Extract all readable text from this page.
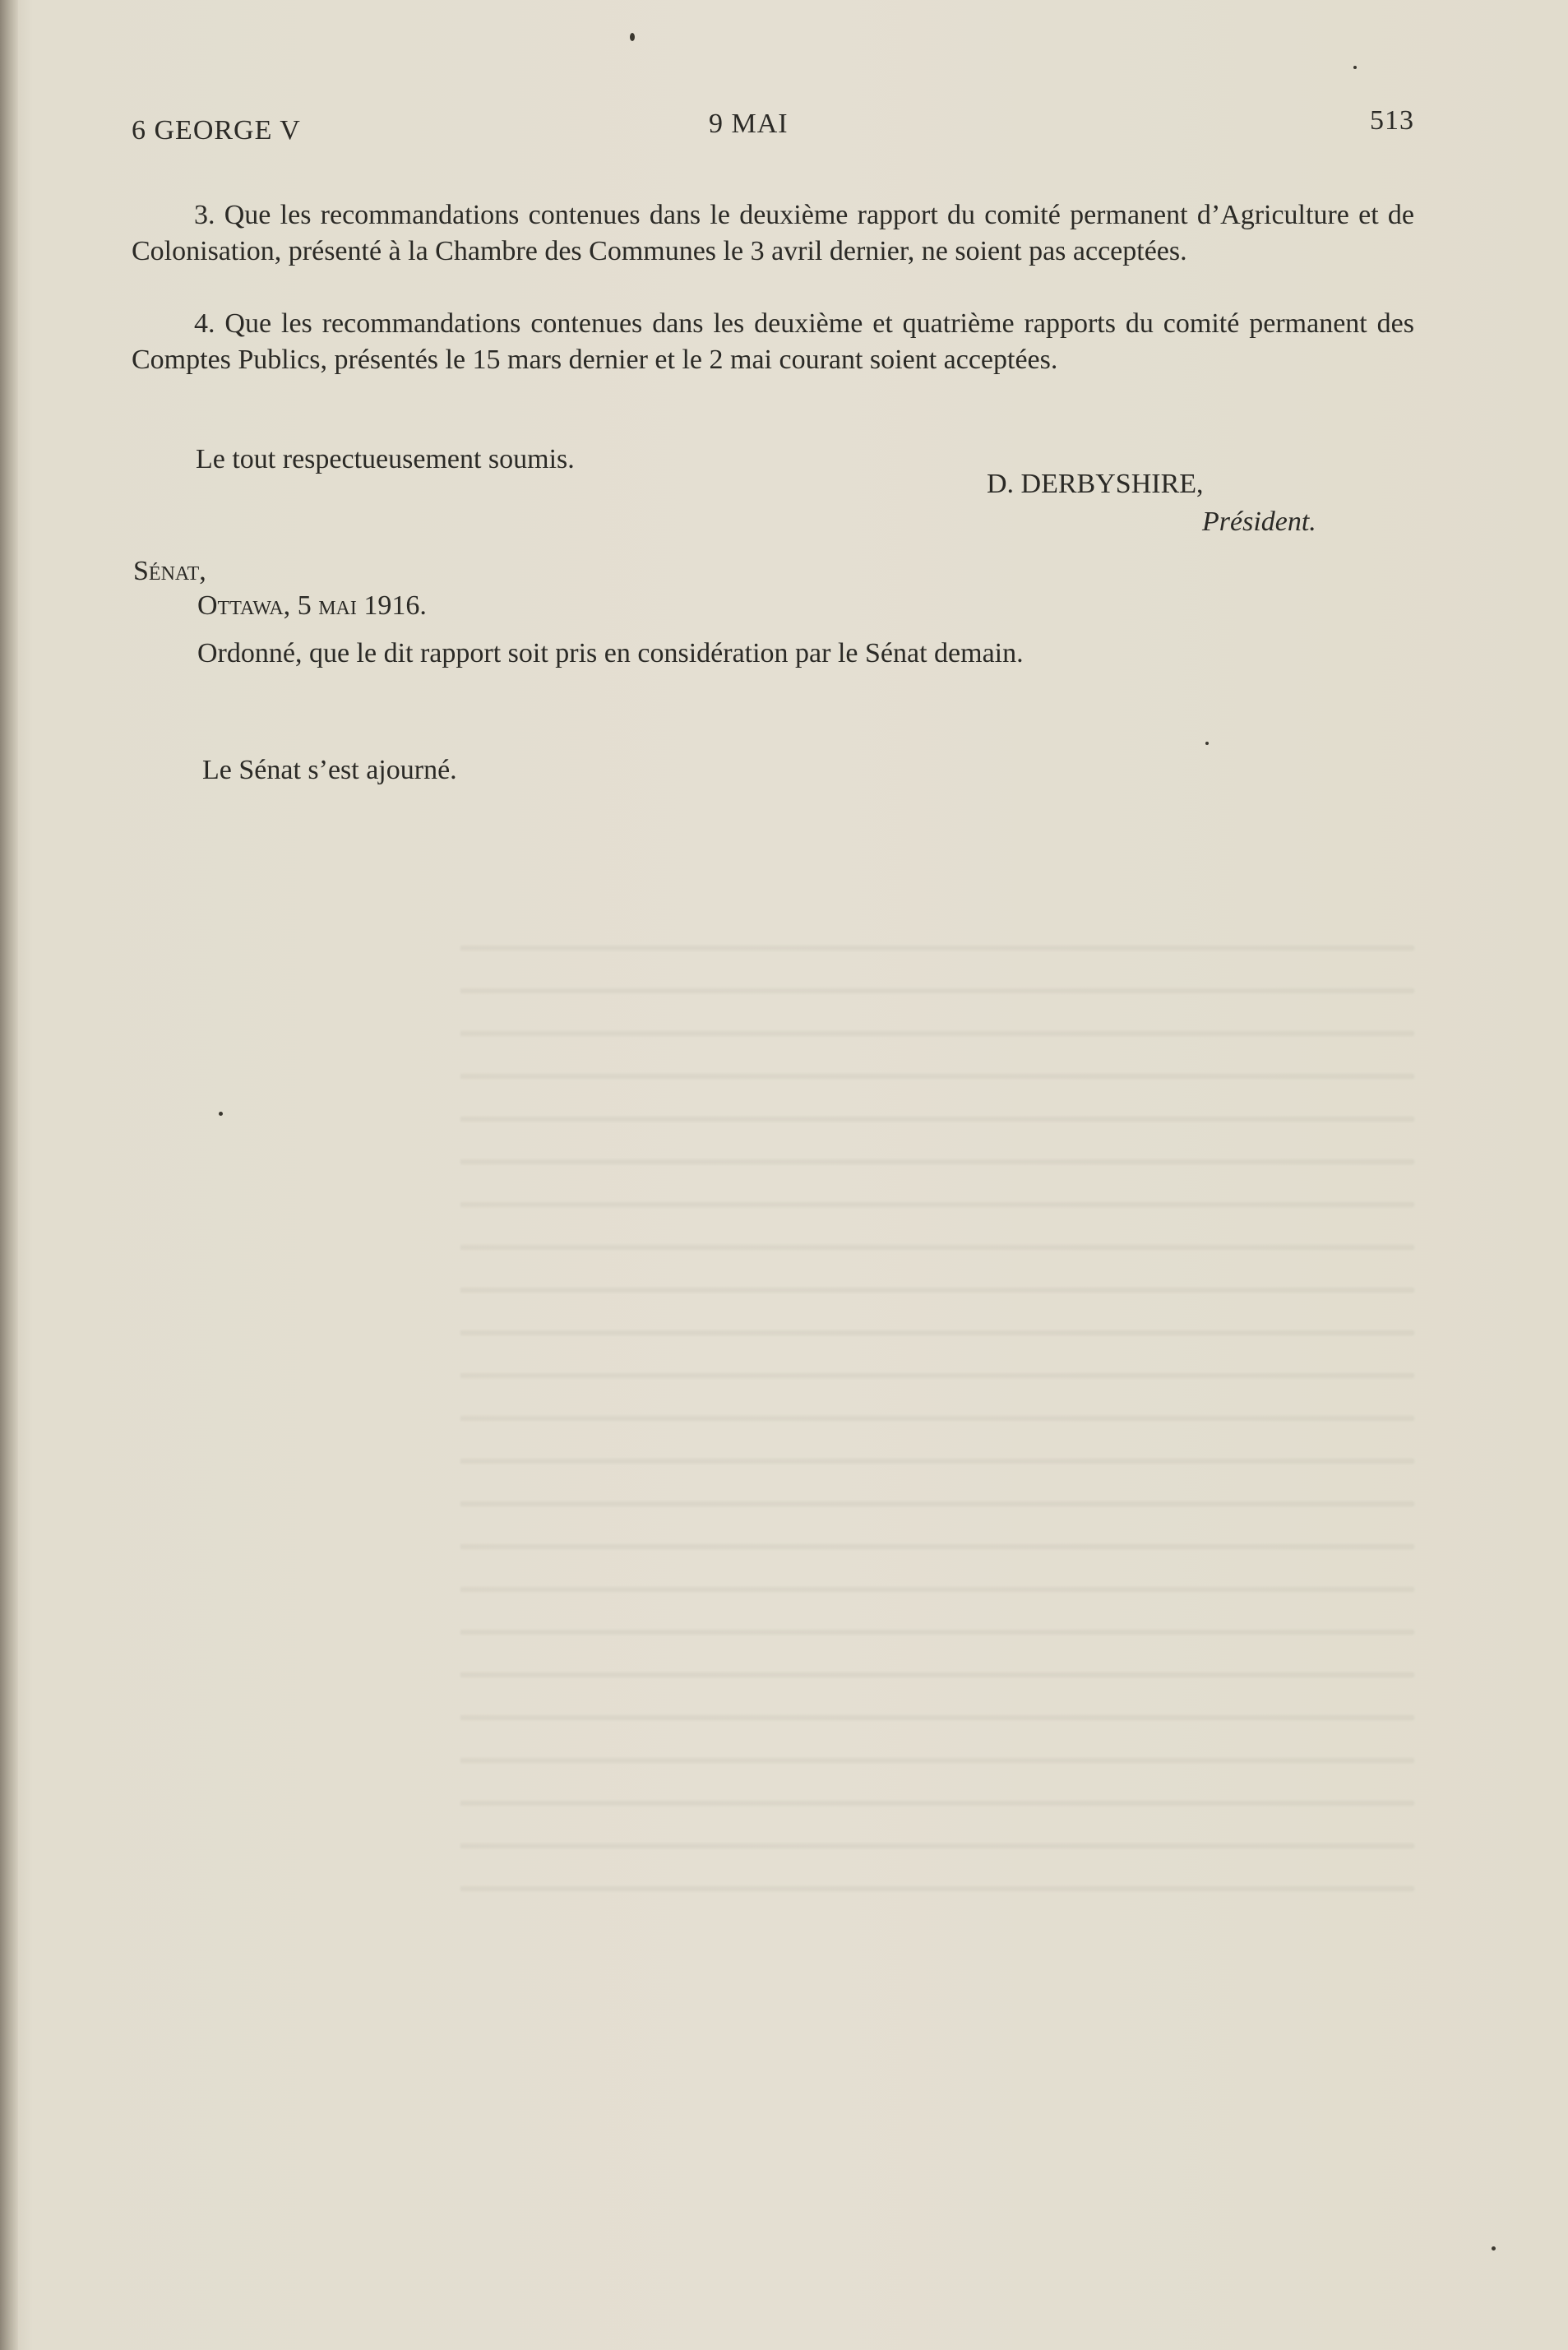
6 GEORGE V	9 MAI	513

3. Que les recommandations contenues dans le deuxième rapport du comité permanent d’Agriculture et de Colonisation, présenté à la Chambre des Communes le 3 avril dernier, ne soient pas acceptées.

4. Que les recommandations contenues dans les deuxième et quatrième rapports du comité permanent des Comptes Publics, présentés le 15 mars dernier et le 2 mai courant soient acceptées.

Le tout respectueusement soumis.
D. DERBYSHIRE,
Président.
Sénat,
Ottawa, 5 mai 1916.
Ordonné, que le dit rapport soit pris en considération par le Sénat demain.
Le Sénat s’est ajourné.
